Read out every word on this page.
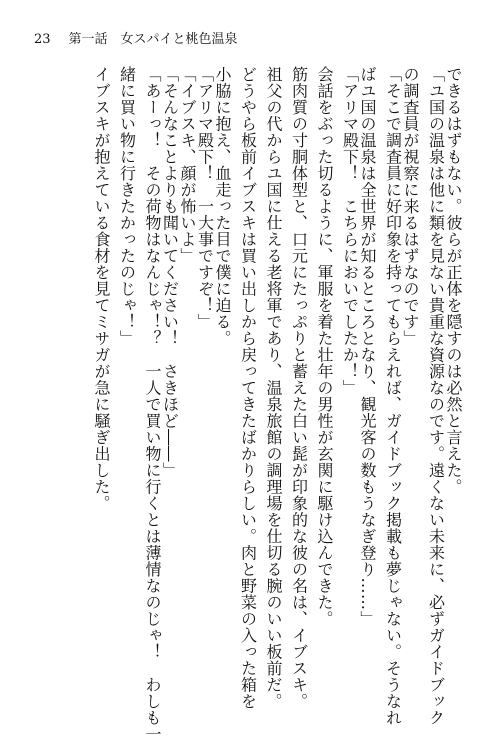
23 第一話　女スパイと桃色温泉
できるはずもない。彼らが正体を隠すのは必然と言えた。
「ユ国の温泉は他に類を見ない貴重な資源なのです。遠くない未来に、必ずガイドブック
の調査員が視察に来るはずなのです」
「そこで調査員に好印象を持ってもらえれば、ガイドブック掲載も夢じゃない。そうなれ
ばユ国の温泉は全世界が知るところとなり、観光客の数もうなぎ登り……」
「アリマ殿下！　こちらにおいでしたか！」
会話をぶった切るように、軍服を着た壮年の男性が玄関に駆け込んできた。
筋肉質の寸胴体型と、口元にたっぷりと蓄えた白い髭が印象的な彼の名は、イブスキ。
祖父の代からユ国に仕える老将軍であり、温泉旅館の調理場を仕切る腕のいい板前だ。
どうやら板前イブスキは買い出しから戻ってきたばかりらしい。肉と野菜の入った箱を
小脇に抱え、血走った目で僕に迫る。
「アリマ殿下！　一大事ですぞ！」
「イブスキ、顔が怖いよ」
「そんなことよりも聞いてください！　さきほど――」
「あーっ！　その荷物はなんじゃ！？　一人で買い物に行くとは薄情なのじゃ！　わしも一
緒に買い物に行きたかったのじゃ！」
イブスキが抱えている食材を見てミサガが急に騒ぎ出した。
